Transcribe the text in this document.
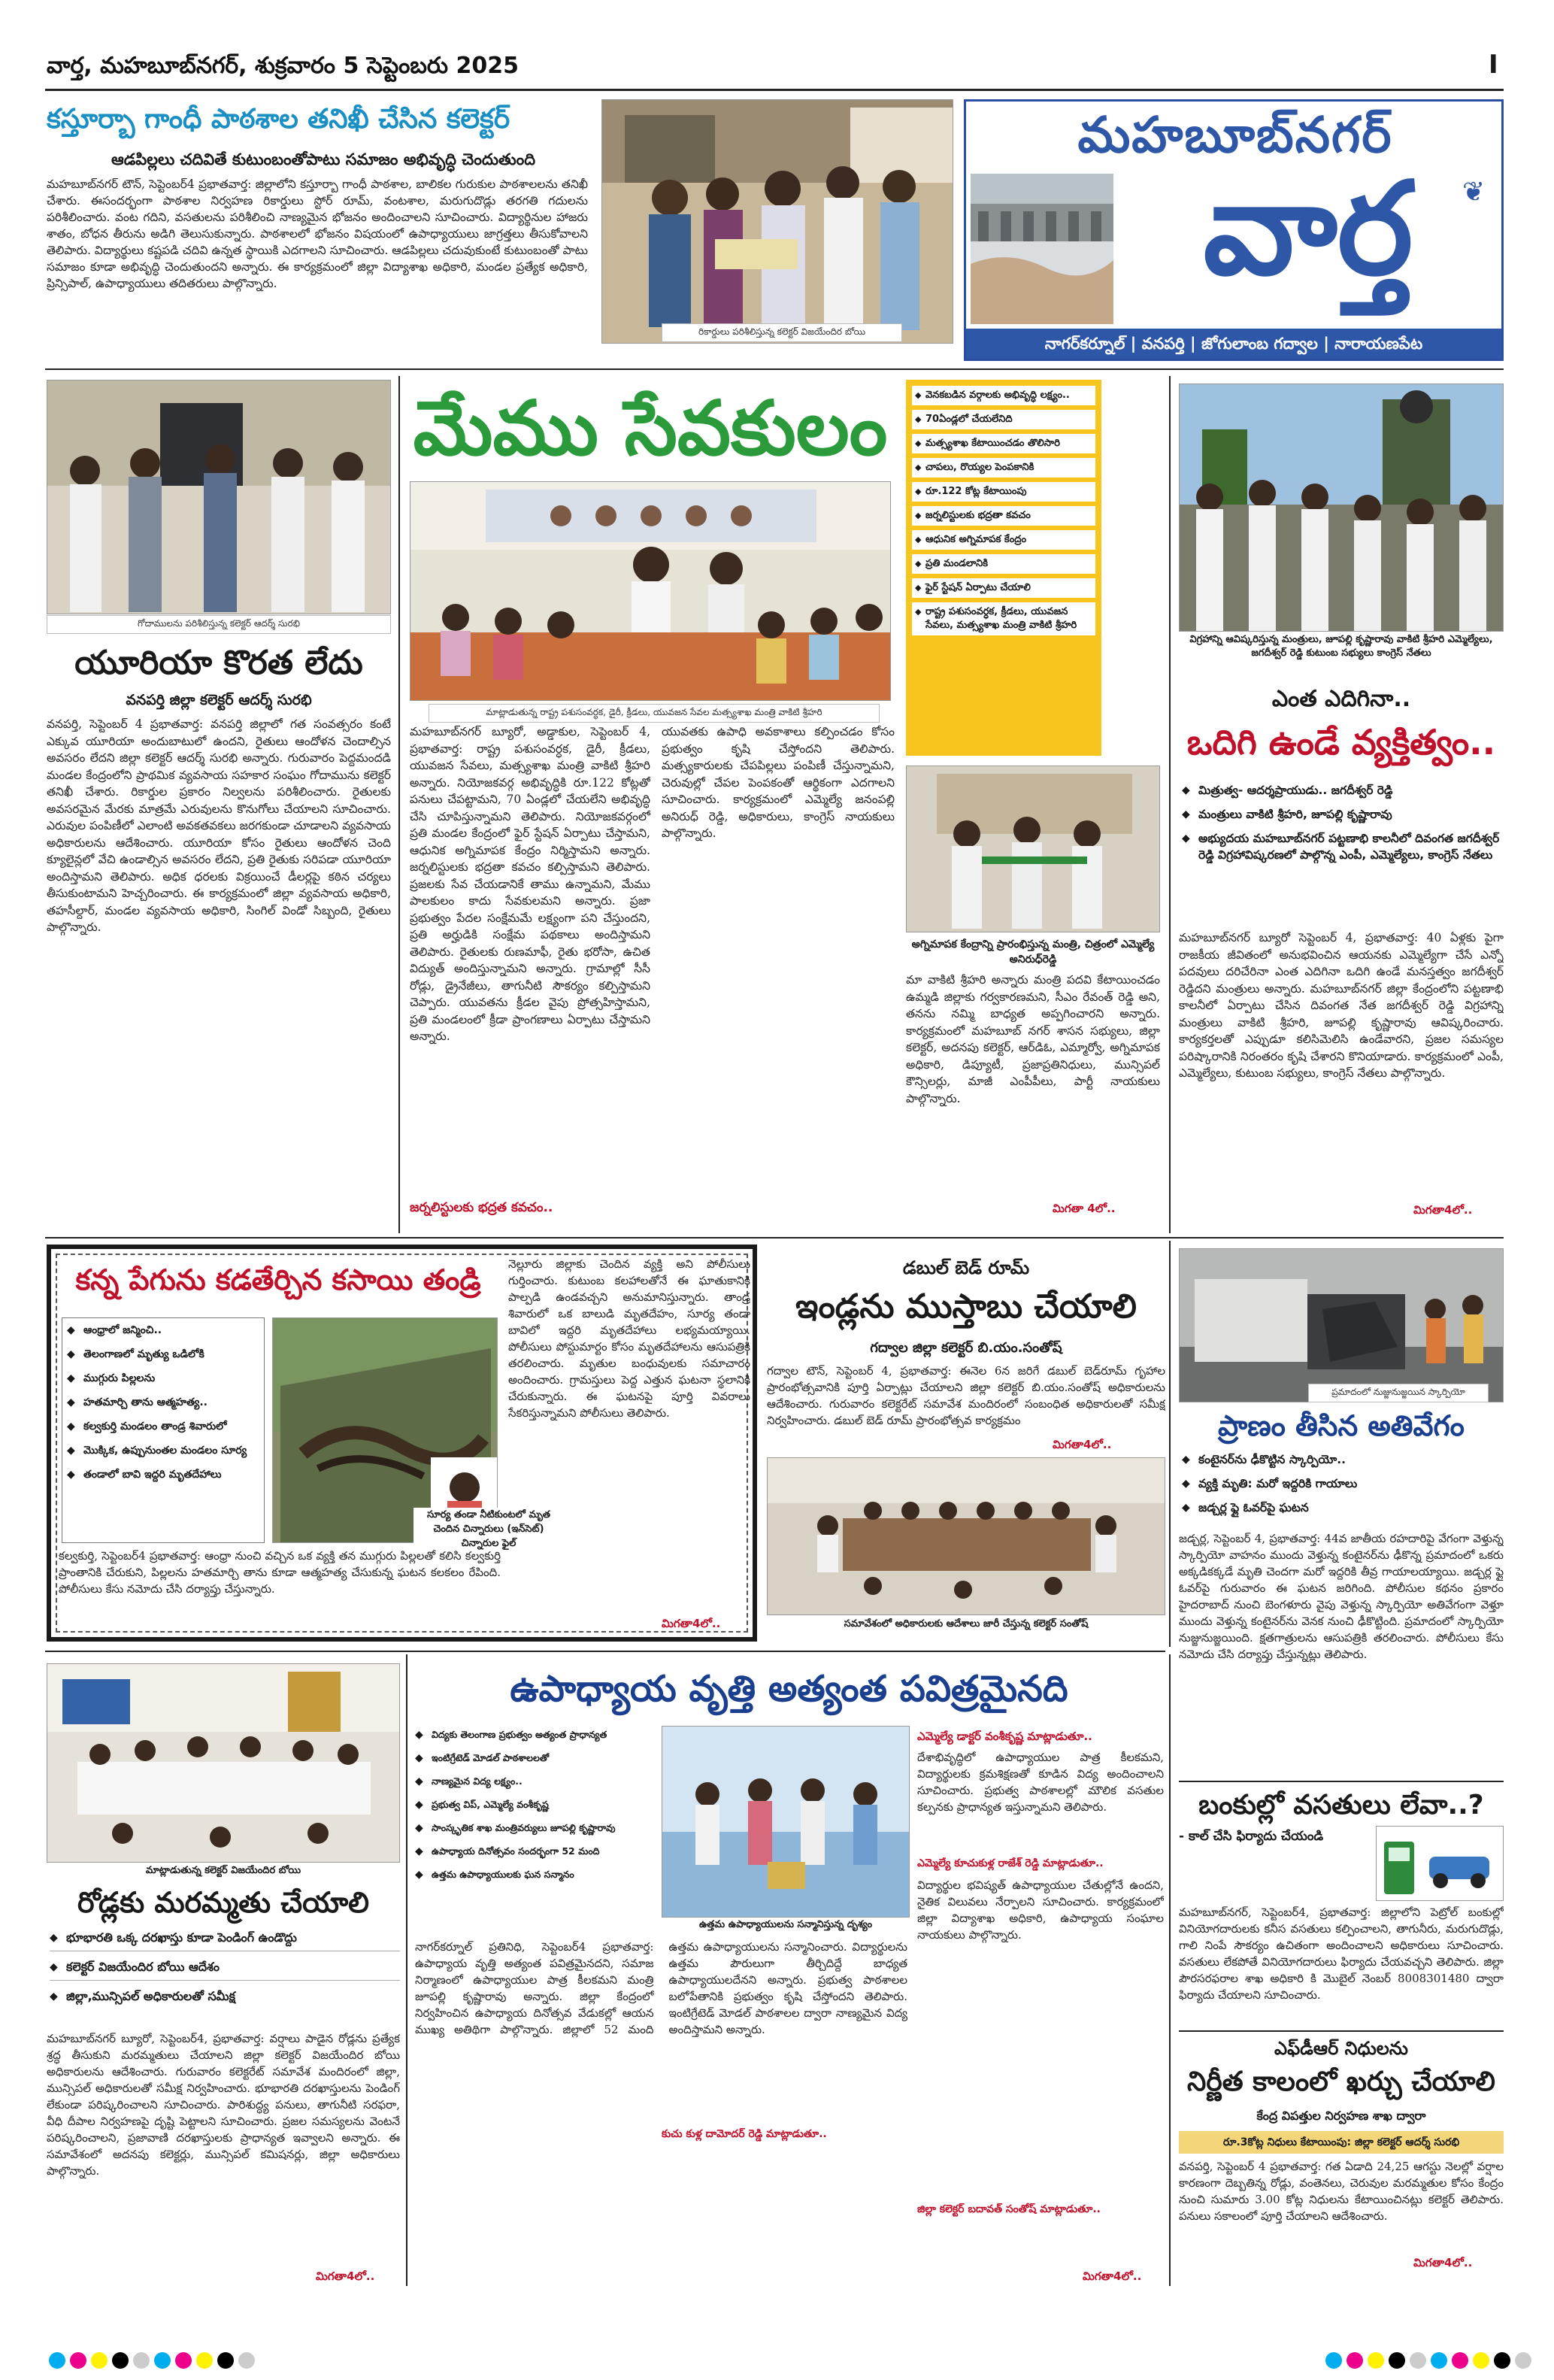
వార్త, మహబూబ్‌నగర్, శుక్రవారం 5 సెప్టెంబరు 2025	I
కస్తూర్బా గాంధీ పాఠశాల తనిఖీ చేసిన కలెక్టర్
ఆడపిల్లలు చదివితే కుటుంబంతోపాటు సమాజం అభివృద్ధి చెందుతుంది
మహబూబ్‌నగర్ టౌన్, సెప్టెంబర్4 ప్రభాతవార్త: జిల్లాలోని కస్తూర్బా గాంధీ పాఠశాల, బాలికల గురుకుల పాఠశాలలను తనిఖీ చేశారు. ఈసందర్భంగా పాఠశాల నిర్వహణ రికార్డులు స్టోర్ రూమ్, వంటశాల, మరుగుదొడ్లు తరగతి గదులను పరిశీలించారు. వంట గదిని, వసతులను పరిశీలించి నాణ్యమైన భోజనం అందించాలని సూచించారు. విద్యార్థినుల హాజరు శాతం, బోధన తీరును అడిగి తెలుసుకున్నారు. పాఠశాలలో భోజనం విషయంలో ఉపాధ్యాయులు జాగ్రత్తలు తీసుకోవాలని తెలిపారు. విద్యార్థులు కష్టపడి చదివి ఉన్నత స్థాయికి ఎదగాలని సూచించారు. ఆడపిల్లలు చదువుకుంటే కుటుంబంతో పాటు సమాజం కూడా అభివృద్ధి చెందుతుందని అన్నారు. ఈ కార్యక్రమంలో జిల్లా విద్యాశాఖ అధికారి, మండల ప్రత్యేక అధికారి, ప్రిన్సిపాల్, ఉపాధ్యాయులు తదితరులు పాల్గొన్నారు.
రికార్డులు పరిశీలిస్తున్న కలెక్టర్ విజయేందిర బోయి
మహబూబ్‌నగర్
వార్త	❦
నాగర్‌కర్నూల్ | వనపర్తి | జోగులాంబ గద్వాల | నారాయణపేట
గోదాములను పరిశీలిస్తున్న కలెక్టర్ ఆదర్శ్ సురభి
యూరియా కొరత లేదు
వనపర్తి జిల్లా కలెక్టర్ ఆదర్శ్ సురభి
వనపర్తి, సెప్టెంబర్ 4 ప్రభాతవార్త: వనపర్తి జిల్లాలో గత సంవత్సరం కంటే ఎక్కువ యూరియా అందుబాటులో ఉందని, రైతులు ఆందోళన చెందాల్సిన అవసరం లేదని జిల్లా కలెక్టర్ ఆదర్శ్ సురభి అన్నారు. గురువారం పెద్దమందడి మండల కేంద్రంలోని ప్రాథమిక వ్యవసాయ సహకార సంఘం గోదామును కలెక్టర్ తనిఖీ చేశారు. రికార్డుల ప్రకారం నిల్వలను పరిశీలించారు. రైతులకు అవసరమైన మేరకు మాత్రమే ఎరువులను కొనుగోలు చేయాలని సూచించారు. ఎరువుల పంపిణీలో ఎలాంటి అవకతవకలు జరగకుండా చూడాలని వ్యవసాయ అధికారులను ఆదేశించారు. యూరియా కోసం రైతులు ఆందోళన చెంది క్యూలైన్లలో వేచి ఉండాల్సిన అవసరం లేదని, ప్రతి రైతుకు సరిపడా యూరియా అందిస్తామని తెలిపారు. అధిక ధరలకు విక్రయించే డీలర్లపై కఠిన చర్యలు తీసుకుంటామని హెచ్చరించారు. ఈ కార్యక్రమంలో జిల్లా వ్యవసాయ అధికారి, తహసీల్దార్, మండల వ్యవసాయ అధికారి, సింగిల్ విండో సిబ్బంది, రైతులు పాల్గొన్నారు.
మేము సేవకులం
మాట్లాడుతున్న రాష్ట్ర పశుసంవర్ధక, డైరీ, క్రీడలు, యువజన సేవల మత్స్యశాఖ మంత్రి వాకిటి శ్రీహరి
మహబూబ్‌నగర్ బ్యూరో, అడ్డాకుల, సెప్టెంబర్ 4, ప్రభాతవార్త: రాష్ట్ర పశుసంవర్ధక, డైరీ, క్రీడలు, యువజన సేవలు, మత్స్యశాఖ మంత్రి వాకిటి శ్రీహరి అన్నారు. నియోజకవర్గ అభివృద్ధికి రూ.122 కోట్లతో పనులు చేపట్టామని, 70 ఏండ్లలో చేయలేని అభివృద్ధి చేసి చూపిస్తున్నామని తెలిపారు. నియోజకవర్గంలో ప్రతి మండల కేంద్రంలో ఫైర్ స్టేషన్ ఏర్పాటు చేస్తామని, ఆధునిక అగ్నిమాపక కేంద్రం నిర్మిస్తామని అన్నారు. జర్నలిస్టులకు భద్రతా కవచం కల్పిస్తామని తెలిపారు. ప్రజలకు సేవ చేయడానికే తాము ఉన్నామని, మేము పాలకులం కాదు సేవకులమని అన్నారు. ప్రజా ప్రభుత్వం పేదల సంక్షేమమే లక్ష్యంగా పని చేస్తుందని, ప్రతి అర్హుడికి సంక్షేమ పథకాలు అందిస్తామని తెలిపారు. రైతులకు రుణమాఫీ, రైతు భరోసా, ఉచిత విద్యుత్ అందిస్తున్నామని అన్నారు. గ్రామాల్లో సీసీ రోడ్లు, డ్రైనేజీలు, తాగునీటి సౌకర్యం కల్పిస్తామని చెప్పారు. యువతను క్రీడల వైపు ప్రోత్సహిస్తామని, ప్రతి మండలంలో క్రీడా ప్రాంగణాలు ఏర్పాటు చేస్తామని అన్నారు.
జర్నలిస్టులకు భద్రత కవచం..
యువతకు ఉపాధి అవకాశాలు కల్పించడం కోసం ప్రభుత్వం కృషి చేస్తోందని తెలిపారు. మత్స్యకారులకు చేపపిల్లలు పంపిణీ చేస్తున్నామని, చెరువుల్లో చేపల పెంపకంతో ఆర్థికంగా ఎదగాలని సూచించారు. కార్యక్రమంలో ఎమ్మెల్యే జనంపల్లి అనిరుధ్ రెడ్డి, అధికారులు, కాంగ్రెస్ నాయకులు పాల్గొన్నారు.
◆ వెనకబడిన వర్గాలకు అభివృద్ధి లక్ష్యం..
◆ 70ఏండ్లలో చేయలేనిది
◆ మత్స్యశాఖ కేటాయించడం తొలిసారి
◆ చాపలు, రొయ్యల పెంపకానికి
◆ రూ.122 కోట్ల కేటాయింపు
◆ జర్నలిస్టులకు భద్రతా కవచం
◆ ఆధునిక అగ్నిమాపక కేంద్రం
◆ ప్రతి మండలానికి
◆ ఫైర్ స్టేషన్ ఏర్పాటు చేయాలి
◆ రాష్ట్ర పశుసంవర్ధక, క్రీడలు, యువజన సేవలు, మత్స్యశాఖ మంత్రి వాకిటి శ్రీహరి
అగ్నిమాపక కేంద్రాన్ని ప్రారంభిస్తున్న మంత్రి, చిత్రంలో ఎమ్మెల్యే అనిరుధ్‌రెడ్డి
మా వాకిటి శ్రీహరి అన్నారు మంత్రి పదవి కేటాయించడం ఉమ్మడి జిల్లాకు గర్వకారణమని, సీఎం రేవంత్ రెడ్డి అని, తనను నమ్మి బాధ్యత అప్పగించారని అన్నారు. కార్యక్రమంలో మహబూబ్ నగర్ శాసన సభ్యులు, జిల్లా కలెక్టర్, అదనపు కలెక్టర్, ఆర్‌డిఓ, ఎమ్మార్వో, అగ్నిమాపక అధికారి, డిప్యూటీ, ప్రజాప్రతినిధులు, మున్సిపల్ కౌన్సిలర్లు, మాజీ ఎంపీపీలు, పార్టీ నాయకులు పాల్గొన్నారు.
మిగతా 4లో..
విగ్రహాన్ని ఆవిష్కరిస్తున్న మంత్రులు, జూపల్లి కృష్ణారావు వాకిటి శ్రీహరి ఎమ్మెల్యేలు, జగదీశ్వర్ రెడ్డి కుటుంబ సభ్యులు కాంగ్రెస్ నేతలు
ఎంత ఎదిగినా..
ఒదిగి ఉండే వ్యక్తిత్వం..
◆ మిత్రుత్వ- ఆదర్శప్రాయుడు.. జగదీశ్వర్ రెడ్డి
◆ మంత్రులు వాకిటి శ్రీహరి, జూపల్లి కృష్ణారావు
◆ అభ్యుదయ మహబూబ్‌నగర్ పట్టణాభి కాలనీలో దివంగత జగదీశ్వర్ రెడ్డి విగ్రహావిష్కరణలో పాల్గొన్న ఎంపీ, ఎమ్మెల్యేలు, కాంగ్రెస్ నేతలు
మహబూబ్‌నగర్ బ్యూరో సెప్టెంబర్ 4, ప్రభాతవార్త: 40 ఏళ్లకు పైగా రాజకీయ జీవితంలో అనుభవించిన ఆయనకు ఎమ్మెల్యేగా చేసే ఎన్నో పదవులు దరిచేరినా ఎంత ఎదిగినా ఒదిగి ఉండే మనస్తత్వం జగదీశ్వర్ రెడ్డిదని మంత్రులు అన్నారు. మహబూబ్‌నగర్ జిల్లా కేంద్రంలోని పట్టణాభి కాలనీలో ఏర్పాటు చేసిన దివంగత నేత జగదీశ్వర్ రెడ్డి విగ్రహాన్ని మంత్రులు వాకిటి శ్రీహరి, జూపల్లి కృష్ణారావు ఆవిష్కరించారు. కార్యకర్తలతో ఎప్పుడూ కలిసిమెలిసి ఉండేవారని, ప్రజల సమస్యల పరిష్కారానికి నిరంతరం కృషి చేశారని కొనియాడారు. కార్యక్రమంలో ఎంపీ, ఎమ్మెల్యేలు, కుటుంబ సభ్యులు, కాంగ్రెస్ నేతలు పాల్గొన్నారు.
మిగతా4లో..
కన్న పేగును కడతేర్చిన కసాయి తండ్రి
◆ ఆంధ్రాలో జన్మించి..
◆ తెలంగాణలో మృత్యు ఒడిలోకి
◆ ముగ్గురు పిల్లలను
◆ హతమార్చి తాను ఆత్మహత్య..
◆ కల్వకుర్తి మండలం తాండ్ర శివారులో
◆ మొక్కిక, ఉప్పునుంతల మండలం సూర్య
◆ తండాలో బావి ఇద్దరి మృతదేహాలు
సూర్య తండా నీటికుంటలో మృత చెందిన చిన్నారులు (ఇన్‌సెట్) చిన్నారుల ఫైల్
కల్వకుర్తి, సెప్టెంబర్4 ప్రభాతవార్త: ఆంధ్రా నుంచి వచ్చిన ఒక వ్యక్తి తన ముగ్గురు పిల్లలతో కలిసి కల్వకుర్తి ప్రాంతానికి చేరుకుని, పిల్లలను హతమార్చి తాను కూడా ఆత్మహత్య చేసుకున్న ఘటన కలకలం రేపింది. పోలీసులు కేసు నమోదు చేసి దర్యాప్తు చేస్తున్నారు.
నెల్లూరు జిల్లాకు చెందిన వ్యక్తి అని పోలీసులు గుర్తించారు. కుటుంబ కలహాలతోనే ఈ ఘాతుకానికి పాల్పడి ఉండవచ్చని అనుమానిస్తున్నారు. తాండ్ర శివారులో ఒక బాలుడి మృతదేహం, సూర్య తండా బావిలో ఇద్దరి మృతదేహాలు లభ్యమయ్యాయి. పోలీసులు పోస్టుమార్టం కోసం మృతదేహాలను ఆసుపత్రికి తరలించారు. మృతుల బంధువులకు సమాచారం అందించారు. గ్రామస్తులు పెద్ద ఎత్తున ఘటనా స్థలానికి చేరుకున్నారు. ఈ ఘటనపై పూర్తి వివరాలు సేకరిస్తున్నామని పోలీసులు తెలిపారు.
మిగతా4లో..
డబుల్ బెడ్ రూమ్
ఇండ్లను ముస్తాబు చేయాలి
గద్వాల జిల్లా కలెక్టర్ బి.యం.సంతోష్
గద్వాల టౌన్, సెప్టెంబర్ 4, ప్రభాతవార్త: ఈనెల 6న జరిగే డబుల్ బెడ్‌రూమ్ గృహాల ప్రారంభోత్సవానికి పూర్తి ఏర్పాట్లు చేయాలని జిల్లా కలెక్టర్ బి.యం.సంతోష్ అధికారులను ఆదేశించారు. గురువారం కలెక్టరేట్ సమావేశ మందిరంలో సంబంధిత అధికారులతో సమీక్ష నిర్వహించారు. డబుల్ బెడ్ రూమ్ ప్రారంభోత్సవ కార్యక్రమం
మిగతా4లో..
సమావేశంలో అధికారులకు ఆదేశాలు జారీ చేస్తున్న కలెక్టర్ సంతోష్
ప్రమాదంలో నుజ్జునుజ్జయిన స్కార్పియో
ప్రాణం తీసిన అతివేగం
◆ కంటైనర్‌ను ఢీకొట్టిన స్కార్పియో..
◆ వ్యక్తి మృతి: మరో ఇద్దరికి గాయాలు
◆ జడ్చర్ల ఫ్లై ఓవర్‌పై ఘటన
జడ్చర్ల, సెప్టెంబర్ 4, ప్రభాతవార్త: 44వ జాతీయ రహదారిపై వేగంగా వెళ్తున్న స్కార్పియో వాహనం ముందు వెళ్తున్న కంటైనర్‌ను ఢీకొన్న ప్రమాదంలో ఒకరు అక్కడికక్కడే మృతి చెందగా మరో ఇద్దరికి తీవ్ర గాయాలయ్యాయి. జడ్చర్ల ఫ్లై ఓవర్‌పై గురువారం ఈ ఘటన జరిగింది. పోలీసుల కథనం ప్రకారం హైదరాబాద్ నుంచి బెంగళూరు వైపు వెళ్తున్న స్కార్పియో అతివేగంగా వెళ్తూ ముందు వెళ్తున్న కంటైనర్‌ను వెనక నుంచి ఢీకొట్టింది. ప్రమాదంలో స్కార్పియో నుజ్జునుజ్జయింది. క్షతగాత్రులను ఆసుపత్రికి తరలించారు. పోలీసులు కేసు నమోదు చేసి దర్యాప్తు చేస్తున్నట్లు తెలిపారు.
బంకుల్లో వసతులు లేవా..?
- కాల్ చేసి ఫిర్యాదు చేయండి
మహబూబ్‌నగర్, సెప్టెంబర్4, ప్రభాతవార్త: జిల్లాలోని పెట్రోల్ బంకుల్లో వినియోగదారులకు కనీస వసతులు కల్పించాలని, తాగునీరు, మరుగుదొడ్లు, గాలి నింపే సౌకర్యం ఉచితంగా అందించాలని అధికారులు సూచించారు. వసతులు లేకపోతే వినియోగదారులు ఫిర్యాదు చేయవచ్చని తెలిపారు. జిల్లా పౌరసరఫరాల శాఖ అధికారి కి మొబైల్ నెంబర్ 8008301480 ద్వారా ఫిర్యాదు చేయాలని సూచించారు.
ఎఫ్‌డీఆర్ నిధులను
నిర్ణీత కాలంలో ఖర్చు చేయాలి
కేంద్ర విపత్తుల నిర్వహణ శాఖ ద్వారా
రూ.3కోట్ల నిధులు కేటాయింపు: జిల్లా కలెక్టర్ ఆదర్శ్ సురభి
వనపర్తి, సెప్టెంబర్ 4 ప్రభాతవార్త: గత ఏడాది 24,25 ఆగస్టు నెలల్లో వర్షాల కారణంగా దెబ్బతిన్న రోడ్లు, వంతెనలు, చెరువుల మరమ్మతుల కోసం కేంద్రం నుంచి సుమారు 3.00 కోట్ల నిధులను కేటాయించినట్లు కలెక్టర్ తెలిపారు. పనులు సకాలంలో పూర్తి చేయాలని ఆదేశించారు.
మిగతా4లో..
మాట్లాడుతున్న కలెక్టర్ విజయేందిర బోయి
రోడ్లకు మరమ్మతు చేయాలి
◆ భూభారతి ఒక్క దరఖాస్తు కూడా పెండింగ్ ఉండొద్దు
◆ కలెక్టర్ విజయేందిర బోయి ఆదేశం
◆ జిల్లా,మున్సిపల్ అధికారులతో సమీక్ష
మహబూబ్‌నగర్ బ్యూరో, సెప్టెంబర్4, ప్రభాతవార్త: వర్షాలు పాడైన రోడ్లను ప్రత్యేక శ్రద్ధ తీసుకుని మరమ్మతులు చేయాలని జిల్లా కలెక్టర్ విజయేందిర బోయి అధికారులను ఆదేశించారు. గురువారం కలెక్టరేట్ సమావేశ మందిరంలో జిల్లా, మున్సిపల్ అధికారులతో సమీక్ష నిర్వహించారు. భూభారతి దరఖాస్తులను పెండింగ్ లేకుండా పరిష్కరించాలని సూచించారు. పారిశుద్ధ్య పనులు, తాగునీటి సరఫరా, వీధి దీపాల నిర్వహణపై దృష్టి పెట్టాలని సూచించారు. ప్రజల సమస్యలను వెంటనే పరిష్కరించాలని, ప్రజావాణి దరఖాస్తులకు ప్రాధాన్యత ఇవ్వాలని అన్నారు. ఈ సమావేశంలో అదనపు కలెక్టర్లు, మున్సిపల్ కమిషనర్లు, జిల్లా అధికారులు పాల్గొన్నారు.
మిగతా4లో..
ఉపాధ్యాయ వృత్తి అత్యంత పవిత్రమైనది
◆ విద్యకు తెలంగాణ ప్రభుత్వం అత్యంత ప్రాధాన్యత
◆ ఇంటిగ్రేటెడ్ మోడల్ పాఠశాలలతో
◆ నాణ్యమైన విద్య లక్ష్యం..
◆ ప్రభుత్వ విప్, ఎమ్మెల్యే వంశీకృష్ణ
◆ సాంస్కృతిక శాఖ మంత్రివర్యులు జూపల్లి కృష్ణారావు
◆ ఉపాధ్యాయ దినోత్సవం సందర్భంగా 52 మంది
◆ ఉత్తమ ఉపాధ్యాయులకు ఘన సన్మానం
ఉత్తమ ఉపాధ్యాయులను సన్మానిస్తున్న దృశ్యం
నాగర్‌కర్నూల్ ప్రతినిధి, సెప్టెంబర్4 ప్రభాతవార్త: ఉపాధ్యాయ వృత్తి అత్యంత పవిత్రమైనదని, సమాజ నిర్మాణంలో ఉపాధ్యాయుల పాత్ర కీలకమని మంత్రి జూపల్లి కృష్ణారావు అన్నారు. జిల్లా కేంద్రంలో నిర్వహించిన ఉపాధ్యాయ దినోత్సవ వేడుకల్లో ఆయన ముఖ్య అతిథిగా పాల్గొన్నారు. జిల్లాలో 52 మంది ఉత్తమ ఉపాధ్యాయులను సన్మానించారు. విద్యార్థులను ఉత్తమ పౌరులుగా తీర్చిదిద్దే బాధ్యత ఉపాధ్యాయులదేనని అన్నారు. ప్రభుత్వ పాఠశాలల బలోపేతానికి ప్రభుత్వం కృషి చేస్తోందని తెలిపారు. ఇంటిగ్రేటెడ్ మోడల్ పాఠశాలల ద్వారా నాణ్యమైన విద్య అందిస్తామని అన్నారు.
ఎమ్మెల్యే డాక్టర్ వంశీకృష్ణ మాట్లాడుతూ..
దేశాభివృద్ధిలో ఉపాధ్యాయుల పాత్ర కీలకమని, విద్యార్థులకు క్రమశిక్షణతో కూడిన విద్య అందించాలని సూచించారు. ప్రభుత్వ పాఠశాలల్లో మౌలిక వసతుల కల్పనకు ప్రాధాన్యత ఇస్తున్నామని తెలిపారు.
ఎమ్మెల్యే కూచుకుళ్ల రాజేశ్ రెడ్డి మాట్లాడుతూ..
విద్యార్థుల భవిష్యత్ ఉపాధ్యాయుల చేతుల్లోనే ఉందని, నైతిక విలువలు నేర్పాలని సూచించారు. కార్యక్రమంలో జిల్లా విద్యాశాఖ అధికారి, ఉపాధ్యాయ సంఘాల నాయకులు పాల్గొన్నారు.
జిల్లా కలెక్టర్ బదావత్ సంతోష్ మాట్లాడుతూ..
కుచు కుళ్ల దామోదర్ రెడ్డి మాట్లాడుతూ..
మిగతా4లో..
